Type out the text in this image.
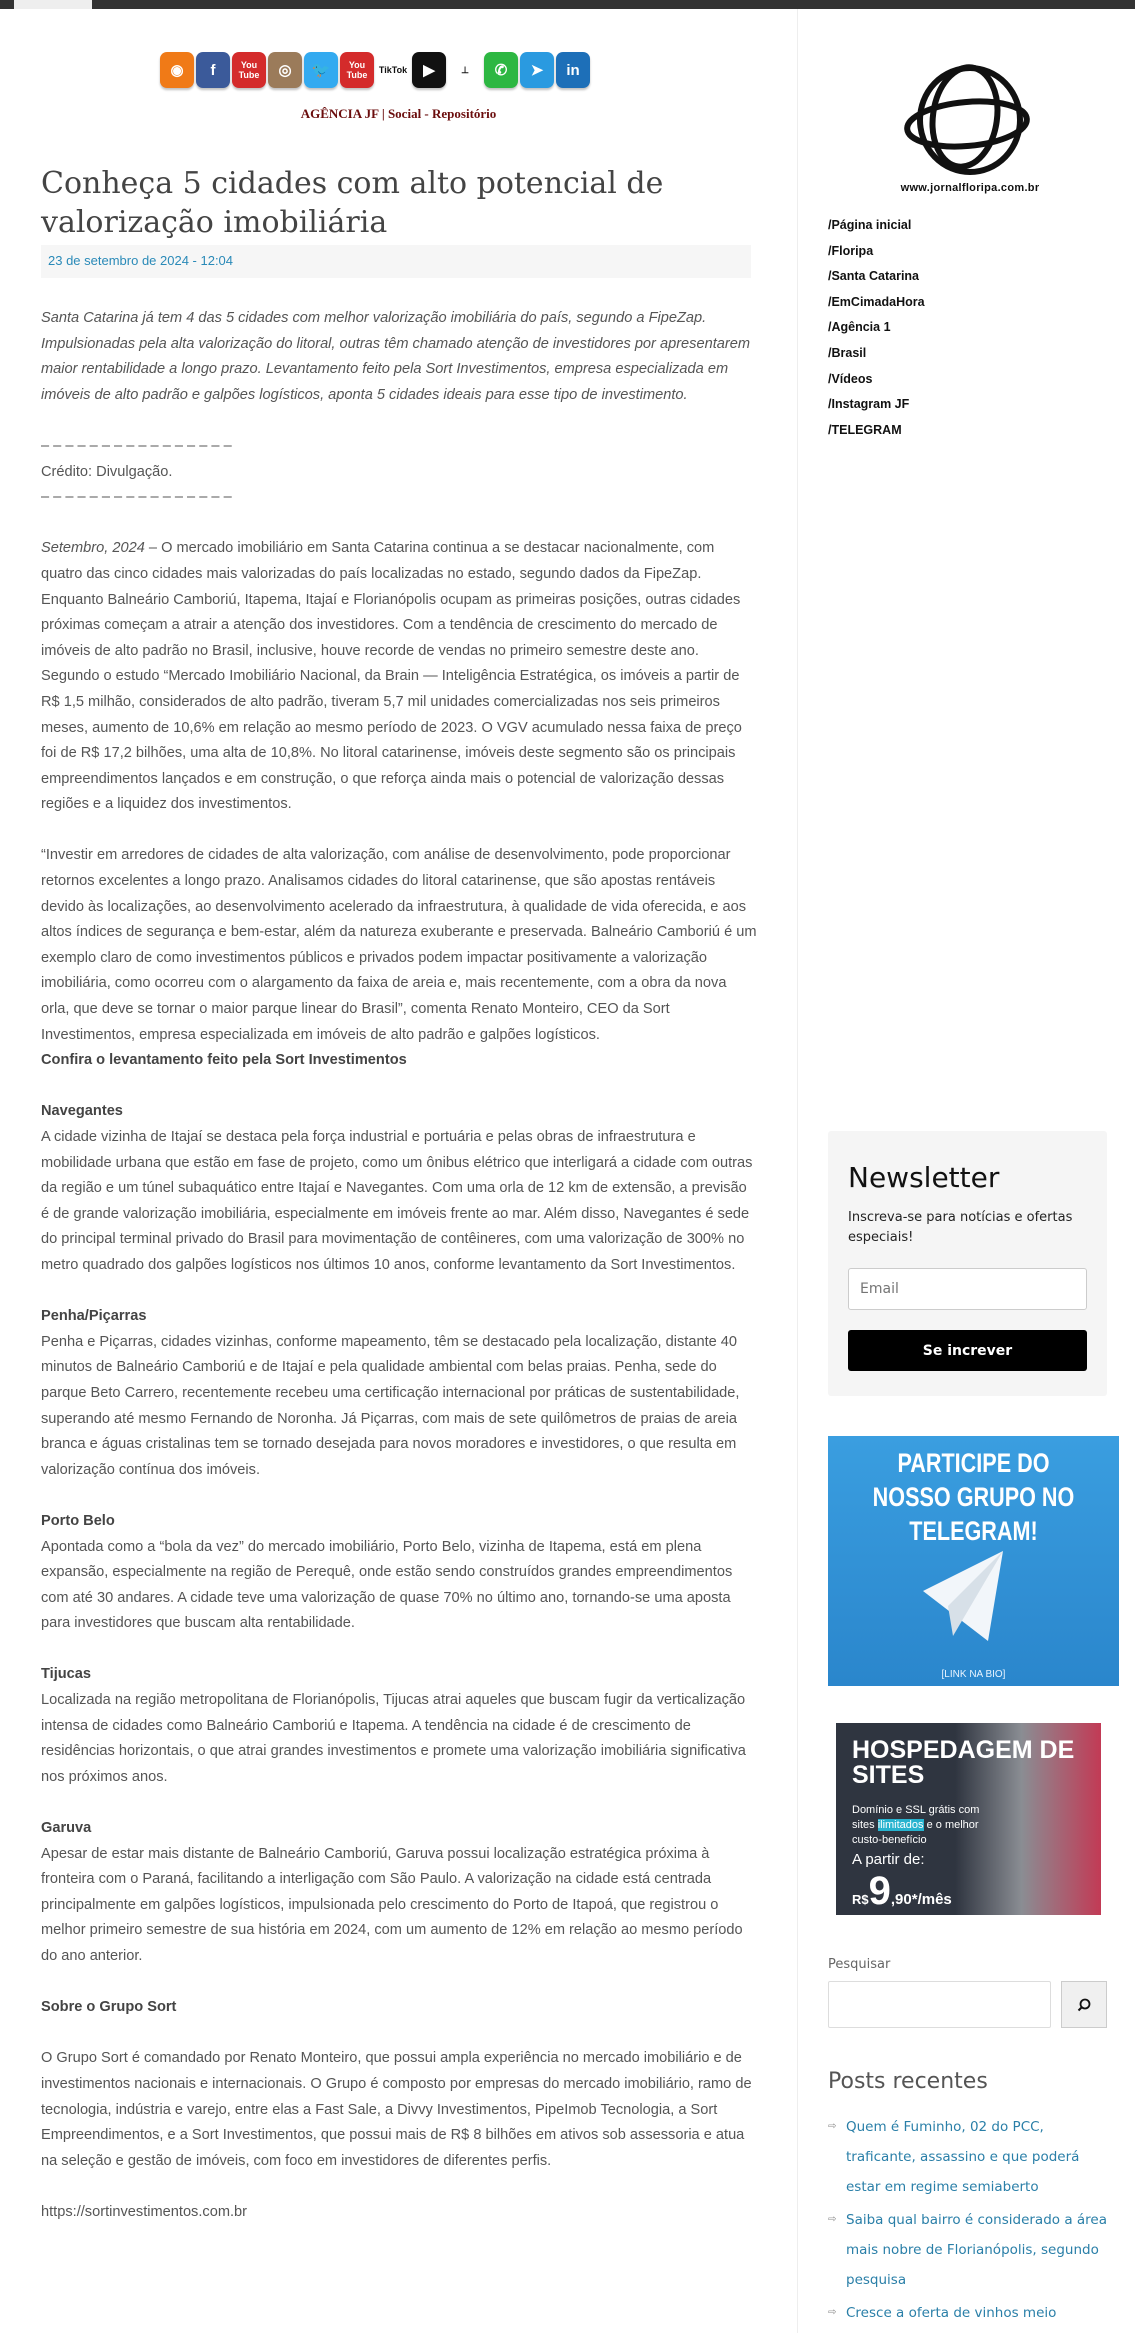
◉	f	You Tube	◎	🐦	You Tube	TikTok	▶	⊥	✆	➤	in
AGÊNCIA JF | Social - Repositório
Conheça 5 cidades com alto potencial de valorização imobiliária
23 de setembro de 2024 - 12:04

Santa Catarina já tem 4 das 5 cidades com melhor valorização imobiliária do país, segundo a FipeZap. Impulsionadas pela alta valorização do litoral, outras têm chamado atenção de investidores por apresentarem maior rentabilidade a longo prazo. Levantamento feito pela Sort Investimentos, empresa especializada em imóveis de alto padrão e galpões logísticos, aponta 5 cidades ideais para esse tipo de investimento.

– – – – – – – – – – – – – – – –
Crédito: Divulgação.

– – – – – – – – – – – – – – – –

Setembro, 2024 – O mercado imobiliário em Santa Catarina continua a se destacar nacionalmente, com quatro das cinco cidades mais valorizadas do país localizadas no estado, segundo dados da FipeZap. Enquanto Balneário Camboriú, Itapema, Itajaí e Florianópolis ocupam as primeiras posições, outras cidades próximas começam a atrair a atenção dos investidores. Com a tendência de crescimento do mercado de imóveis de alto padrão no Brasil, inclusive, houve recorde de vendas no primeiro semestre deste ano. Segundo o estudo “Mercado Imobiliário Nacional, da Brain — Inteligência Estratégica, os imóveis a partir de R$ 1,5 milhão, considerados de alto padrão, tiveram 5,7 mil unidades comercializadas nos seis primeiros meses, aumento de 10,6% em relação ao mesmo período de 2023. O VGV acumulado nessa faixa de preço foi de R$ 17,2 bilhões, uma alta de 10,8%. No litoral catarinense, imóveis deste segmento são os principais empreendimentos lançados e em construção, o que reforça ainda mais o potencial de valorização dessas regiões e a liquidez dos investimentos.

“Investir em arredores de cidades de alta valorização, com análise de desenvolvimento, pode proporcionar retornos excelentes a longo prazo. Analisamos cidades do litoral catarinense, que são apostas rentáveis devido às localizações, ao desenvolvimento acelerado da infraestrutura, à qualidade de vida oferecida, e aos altos índices de segurança e bem-estar, além da natureza exuberante e preservada. Balneário Camboriú é um exemplo claro de como investimentos públicos e privados podem impactar positivamente a valorização imobiliária, como ocorreu com o alargamento da faixa de areia e, mais recentemente, com a obra da nova orla, que deve se tornar o maior parque linear do Brasil”, comenta Renato Monteiro, CEO da Sort Investimentos, empresa especializada em imóveis de alto padrão e galpões logísticos.

Confira o levantamento feito pela Sort Investimentos

Navegantes
A cidade vizinha de Itajaí se destaca pela força industrial e portuária e pelas obras de infraestrutura e mobilidade urbana que estão em fase de projeto, como um ônibus elétrico que interligará a cidade com outras da região e um túnel subaquático entre Itajaí e Navegantes. Com uma orla de 12 km de extensão, a previsão é de grande valorização imobiliária, especialmente em imóveis frente ao mar. Além disso, Navegantes é sede do principal terminal privado do Brasil para movimentação de contêineres, com uma valorização de 300% no metro quadrado dos galpões logísticos nos últimos 10 anos, conforme levantamento da Sort Investimentos.

Penha/Piçarras
Penha e Piçarras, cidades vizinhas, conforme mapeamento, têm se destacado pela localização, distante 40 minutos de Balneário Camboriú e de Itajaí e pela qualidade ambiental com belas praias. Penha, sede do parque Beto Carrero, recentemente recebeu uma certificação internacional por práticas de sustentabilidade, superando até mesmo Fernando de Noronha. Já Piçarras, com mais de sete quilômetros de praias de areia branca e águas cristalinas tem se tornado desejada para novos moradores e investidores, o que resulta em valorização contínua dos imóveis.

Porto Belo
Apontada como a “bola da vez” do mercado imobiliário, Porto Belo, vizinha de Itapema, está em plena expansão, especialmente na região de Perequê, onde estão sendo construídos grandes empreendimentos com até 30 andares. A cidade teve uma valorização de quase 70% no último ano, tornando-se uma aposta para investidores que buscam alta rentabilidade.

Tijucas
Localizada na região metropolitana de Florianópolis, Tijucas atrai aqueles que buscam fugir da verticalização intensa de cidades como Balneário Camboriú e Itapema. A tendência na cidade é de crescimento de residências horizontais, o que atrai grandes investimentos e promete uma valorização imobiliária significativa nos próximos anos.

Garuva
Apesar de estar mais distante de Balneário Camboriú, Garuva possui localização estratégica próxima à fronteira com o Paraná, facilitando a interligação com São Paulo. A valorização na cidade está centrada principalmente em galpões logísticos, impulsionada pelo crescimento do Porto de Itapoá, que registrou o melhor primeiro semestre de sua história em 2024, com um aumento de 12% em relação ao mesmo período do ano anterior.

Sobre o Grupo Sort

O Grupo Sort é comandado por Renato Monteiro, que possui ampla experiência no mercado imobiliário e de investimentos nacionais e internacionais. O Grupo é composto por empresas do mercado imobiliário, ramo de tecnologia, indústria e varejo, entre elas a Fast Sale, a Divvy Investimentos, PipeImob Tecnologia, a Sort Empreendimentos, e a Sort Investimentos, que possui mais de R$ 8 bilhões em ativos sob assessoria e atua na seleção e gestão de imóveis, com foco em investidores de diferentes perfis.

https://sortinvestimentos.com.br

www.jornalfloripa.com.br
/Página inicial
/Floripa
/Santa Catarina
/EmCimadaHora
/Agência 1
/Brasil
/Vídeos
/Instagram JF
/TELEGRAM
Newsletter

Inscreva-se para notícias e ofertas especiais!

Email Se increver
PARTICIPE DO NOSSO GRUPO NO TELEGRAM!
[LINK NA BIO]
HOSPEDAGEM DE SITES
Domínio e SSL grátis com sites ilimitados e o melhor custo-benefício
A partir de:
R$9,90*/mês
Pesquisar
Posts recentes
⇨ Quem é Fuminho, 02 do PCC, traficante, assassino e que poderá estar em regime semiaberto
⇨ Saiba qual bairro é considerado a área mais nobre de Florianópolis, segundo pesquisa
⇨ Cresce a oferta de vinhos meio
